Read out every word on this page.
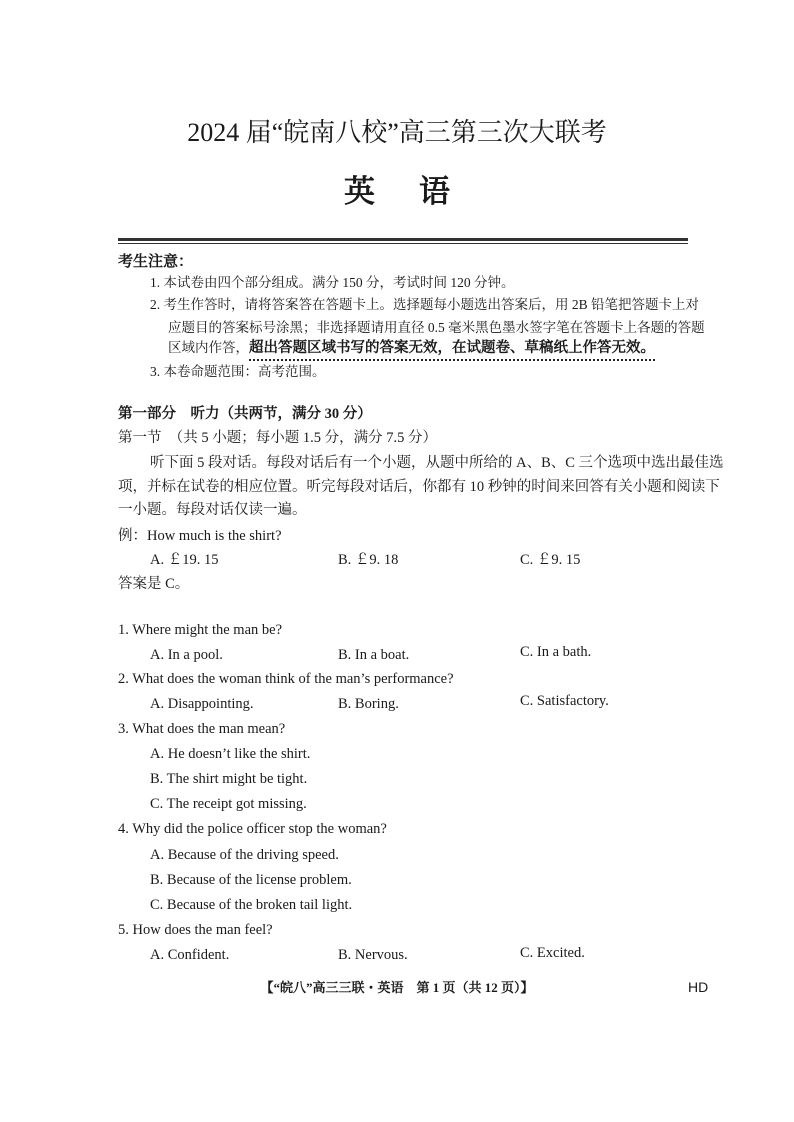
2024 届“皖南八校”高三第三次大联考
英语
考生注意：
1. 本试卷由四个部分组成。满分 150 分，考试时间 120 分钟。
2. 考生作答时，请将答案答在答题卡上。选择题每小题选出答案后，用 2B 铅笔把答题卡上对
应题目的答案标号涂黑；非选择题请用直径 0.5 毫米黑色墨水签字笔在答题卡上各题的答题
区域内作答，超出答题区域书写的答案无效，在试题卷、草稿纸上作答无效。
3. 本卷命题范围：高考范围。
第一部分　听力（共两节，满分 30 分）
第一节　（共 5 小题；每小题 1.5 分，满分 7.5 分）
听下面 5 段对话。每段对话后有一个小题，从题中所给的 A、B、C 三个选项中选出最佳选
项，并标在试卷的相应位置。听完每段对话后，你都有 10 秒钟的时间来回答有关小题和阅读下
一小题。每段对话仅读一遍。
例：How much is the shirt?
A. ￡19. 15	B. ￡9. 18	C. ￡9. 15
答案是 C。
1. Where might the man be?
A. In a pool.	B. In a boat.	C. In a bath.
2. What does the woman think of the man’s performance?
A. Disappointing.	B. Boring.	C. Satisfactory.
3. What does the man mean?
A. He doesn’t like the shirt.
B. The shirt might be tight.
C. The receipt got missing.
4. Why did the police officer stop the woman?
A. Because of the driving speed.
B. Because of the license problem.
C. Because of the broken tail light.
5. How does the man feel?
A. Confident.	B. Nervous.	C. Excited.
【“皖八”高三三联・英语　第 1 页（共 12 页）】	HD
